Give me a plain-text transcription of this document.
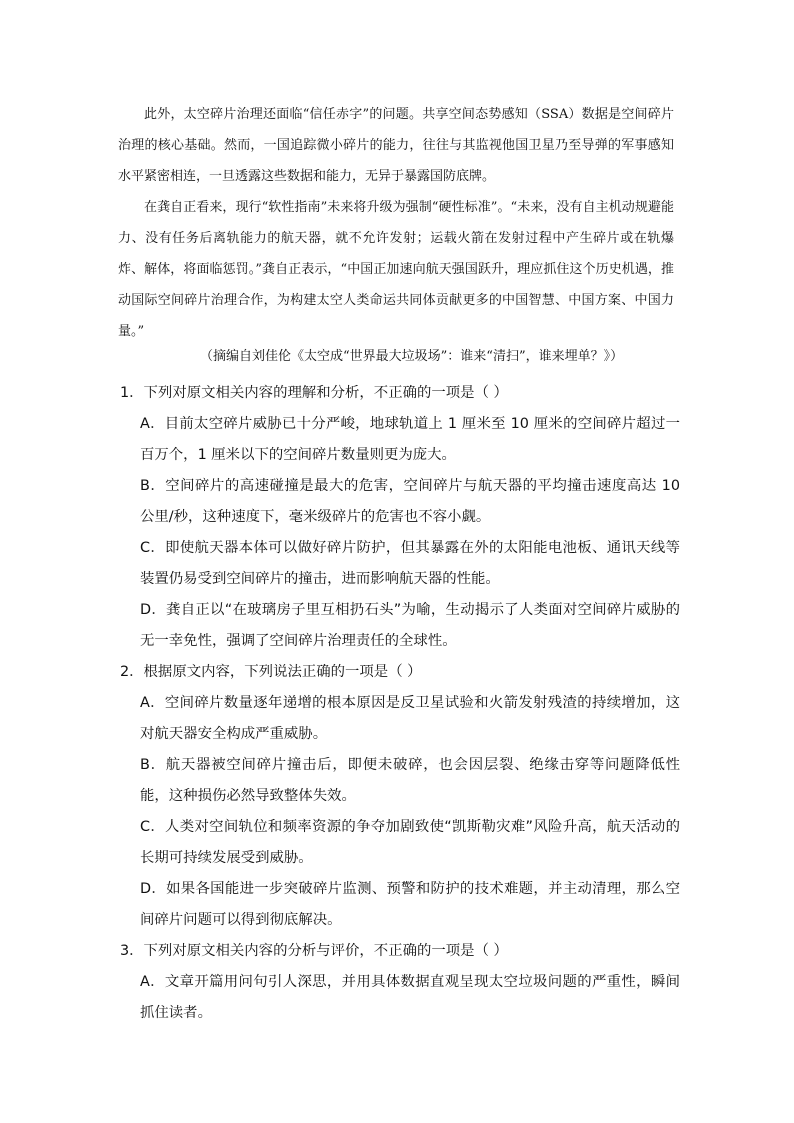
此外，太空碎片治理还面临“信任赤字”的问题。共享空间态势感知（SSA）数据是空间碎片治理的核心基础。然而，一国追踪微小碎片的能力，往往与其监视他国卫星乃至导弹的军事感知水平紧密相连，一旦透露这些数据和能力，无异于暴露国防底牌。

在龚自正看来，现行“软性指南”未来将升级为强制“硬性标准”。“未来，没有自主机动规避能力、没有任务后离轨能力的航天器，就不允许发射；运载火箭在发射过程中产生碎片或在轨爆炸、解体，将面临惩罚。”龚自正表示，“中国正加速向航天强国跃升，理应抓住这个历史机遇，推动国际空间碎片治理合作，为构建太空人类命运共同体贡献更多的中国智慧、中国方案、中国力量。”

（摘编自刘佳伦《太空成“世界最大垃圾场”：谁来“清扫”，谁来埋单？》）
1．下列对原文相关内容的理解和分析，不正确的一项是（ ）
A．目前太空碎片威胁已十分严峻，地球轨道上 1 厘米至 10 厘米的空间碎片超过一百万个，1 厘米以下的空间碎片数量则更为庞大。
B．空间碎片的高速碰撞是最大的危害，空间碎片与航天器的平均撞击速度高达 10 公里/秒，这种速度下，毫米级碎片的危害也不容小觑。
C．即使航天器本体可以做好碎片防护，但其暴露在外的太阳能电池板、通讯天线等装置仍易受到空间碎片的撞击，进而影响航天器的性能。
D．龚自正以“在玻璃房子里互相扔石头”为喻，生动揭示了人类面对空间碎片威胁的无一幸免性，强调了空间碎片治理责任的全球性。
2．根据原文内容，下列说法正确的一项是（ ）
A．空间碎片数量逐年递增的根本原因是反卫星试验和火箭发射残渣的持续增加，这对航天器安全构成严重威胁。
B．航天器被空间碎片撞击后，即便未破碎，也会因层裂、绝缘击穿等问题降低性能，这种损伤必然导致整体失效。
C．人类对空间轨位和频率资源的争夺加剧致使“凯斯勒灾难”风险升高，航天活动的长期可持续发展受到威胁。
D．如果各国能进一步突破碎片监测、预警和防护的技术难题，并主动清理，那么空间碎片问题可以得到彻底解决。
3．下列对原文相关内容的分析与评价，不正确的一项是（ ）
A．文章开篇用问句引人深思，并用具体数据直观呈现太空垃圾问题的严重性，瞬间抓住读者。
